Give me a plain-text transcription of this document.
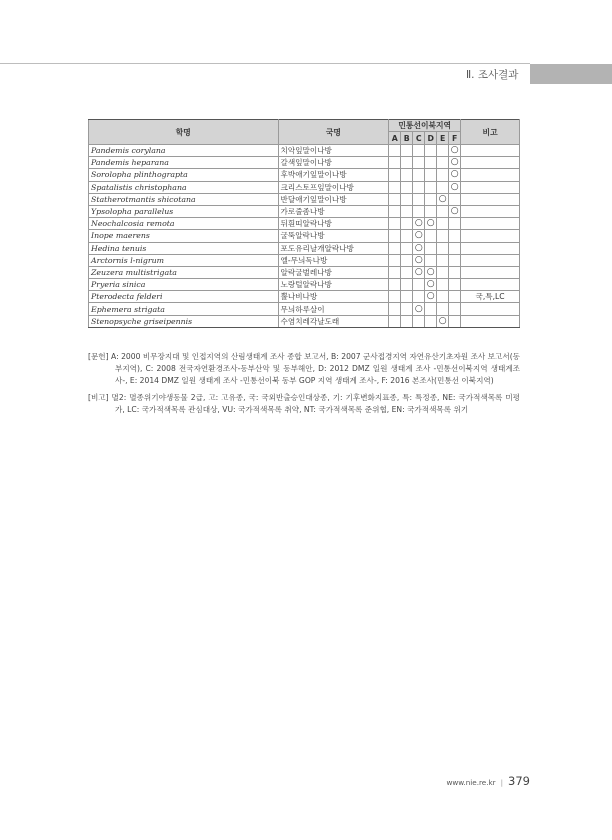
Ⅱ. 조사결과
학명	국명	민통선이북지역						비고
		A	B	C	D	E	F	
Pandemis corylana	치악잎말이나방						○	
Pandemis heparana	갈색잎말이나방						○	
Sorolopha plinthograpta	후박애기잎말이나방						○	
Spatalistis christophana	크리스토프잎말이나방						○	
Statherotmantis shicotana	반달애기잎말이나방					○		
Ypsolopha parallelus	가로줄좀나방						○	
Neochalcosia remota	뒤흰띠알락나방			○	○			
Inope maerens	굴뚝알락나방			○				
Hedina tenuis	포도유리날개알락나방			○				
Arctornis l-nigrum	엘-무늬독나방			○				
Zeuzera multistrigata	알락굴벌레나방			○	○			
Pryeria sinica	노랑털알락나방				○			
Pterodecta felderi	뿔나비나방				○			국,특,LC
Ephemera strigata	무늬하루살이			○				
Stenopsyche griseipennis	수염치레각날도래					○		

[문헌] A: 2000 비무장지대 및 인접지역의 산림생태계 조사 종합 보고서, B: 2007 군사접경지역 자연유산기초자원 조사 보고서(동부지역), C: 2008 전국자연환경조사-동부산악 및 동부해안, D: 2012 DMZ 일원 생태계 조사 -민통선이북지역 생태계조사-, E: 2014 DMZ 일원 생태계 조사 -민통선이북 동부 GOP 지역 생태계 조사-, F: 2016 본조사(민통선 이북지역)

[비고] 멸2: 멸종위기야생동물 2급, 고: 고유종, 국: 국외반출승인대상종, 기: 기후변화지표종, 특: 특정종, NE: 국가적색목록 미평가, LC: 국가적색목록 관심대상, VU: 국가적색목록 취약, NT: 국가적색목록 준위협, EN: 국가적색목록 위기

www.nie.re.kr | 379
